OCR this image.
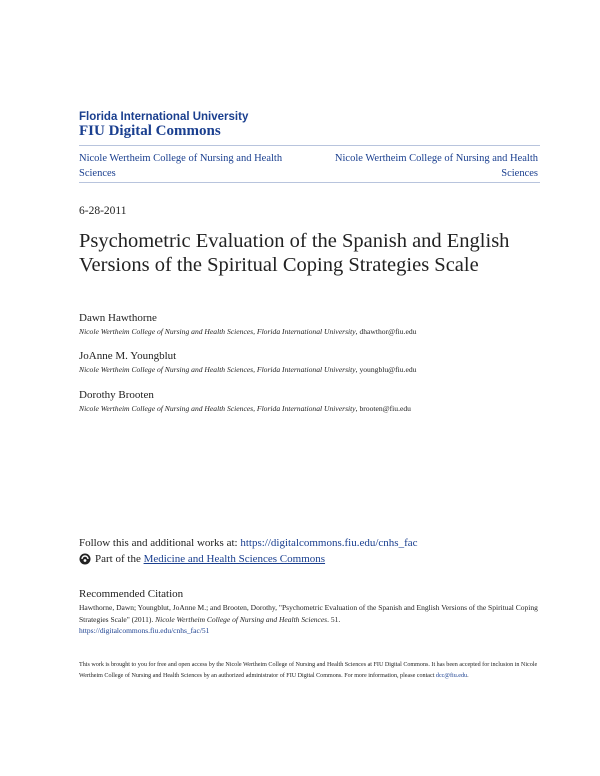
Florida International University
FIU Digital Commons
Nicole Wertheim College of Nursing and Health Sciences
Nicole Wertheim College of Nursing and Health Sciences
6-28-2011
Psychometric Evaluation of the Spanish and English Versions of the Spiritual Coping Strategies Scale
Dawn Hawthorne
Nicole Wertheim College of Nursing and Health Sciences, Florida International University, dhawthor@fiu.edu
JoAnne M. Youngblut
Nicole Wertheim College of Nursing and Health Sciences, Florida International University, youngblu@fiu.edu
Dorothy Brooten
Nicole Wertheim College of Nursing and Health Sciences, Florida International University, brooten@fiu.edu
Follow this and additional works at: https://digitalcommons.fiu.edu/cnhs_fac
Part of the
Medicine and Health Sciences Commons
Recommended Citation
Hawthorne, Dawn; Youngblut, JoAnne M.; and Brooten, Dorothy, "Psychometric Evaluation of the Spanish and English Versions of the Spiritual Coping Strategies Scale" (2011). Nicole Wertheim College of Nursing and Health Sciences. 51.
https://digitalcommons.fiu.edu/cnhs_fac/51
This work is brought to you for free and open access by the Nicole Wertheim College of Nursing and Health Sciences at FIU Digital Commons. It has been accepted for inclusion in Nicole Wertheim College of Nursing and Health Sciences by an authorized administrator of FIU Digital Commons. For more information, please contact dcc@fiu.edu.
